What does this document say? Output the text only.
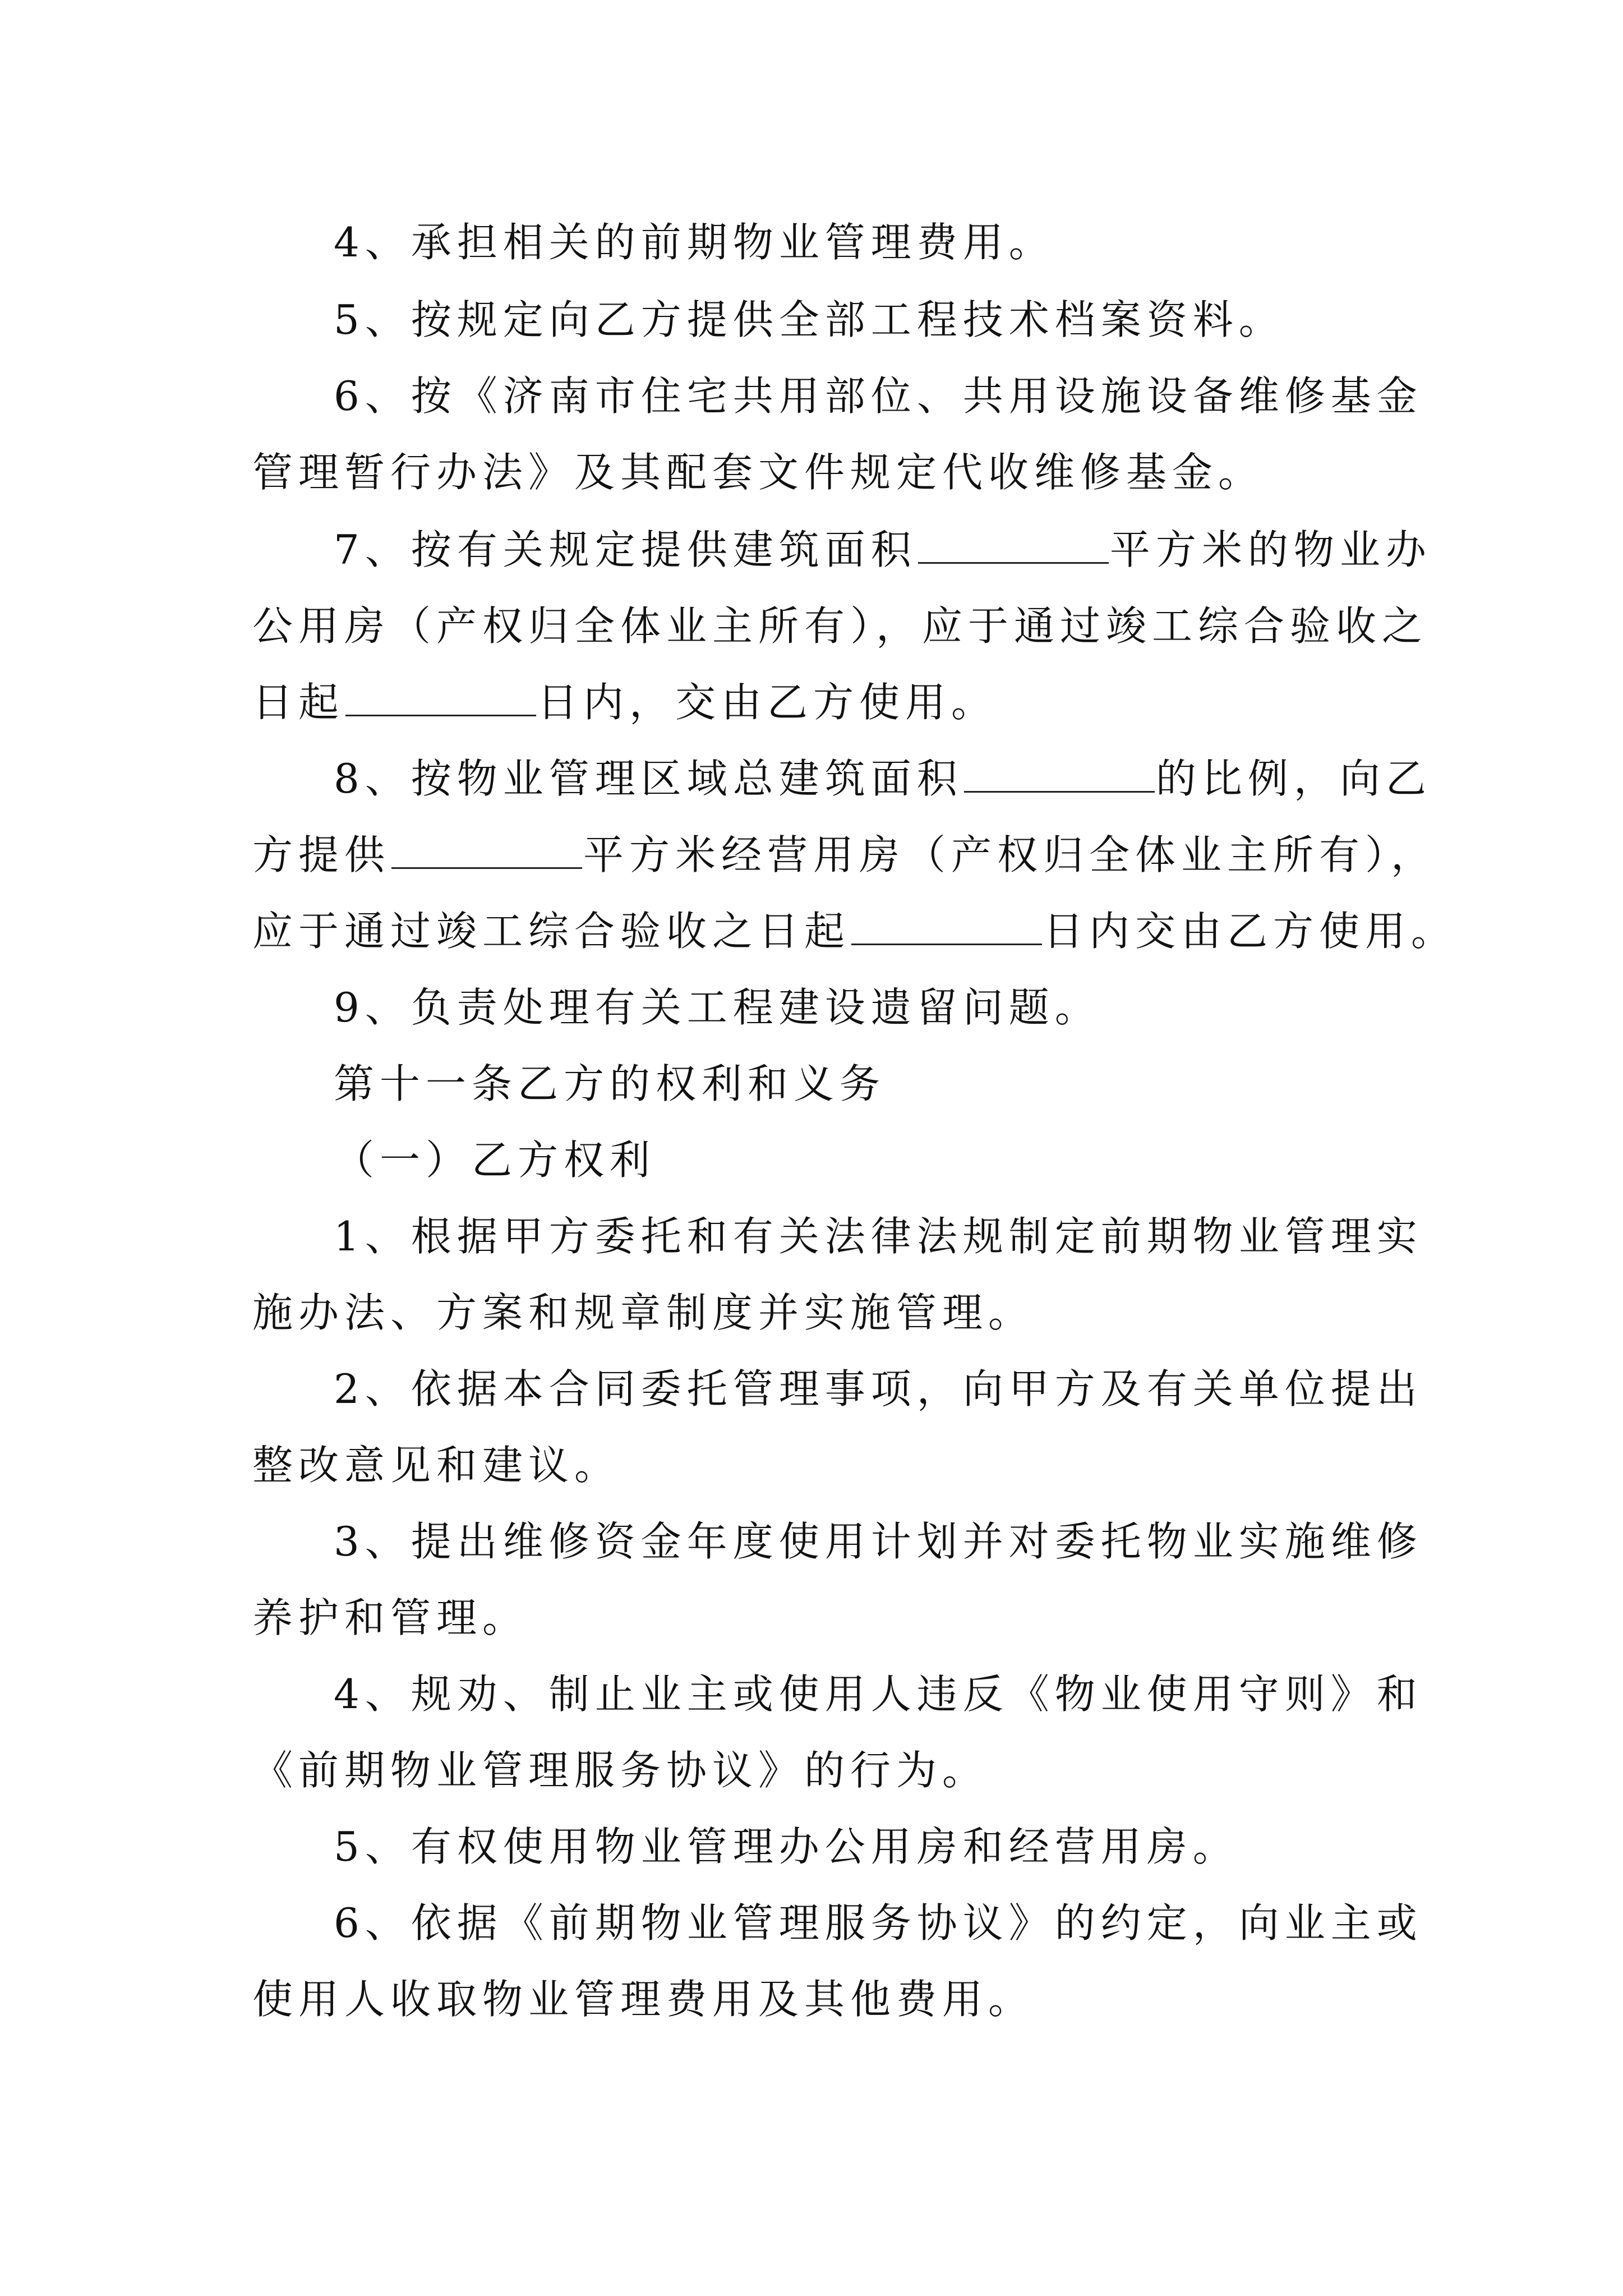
4、承担相关的前期物业管理费用。
5、按规定向乙方提供全部工程技术档案资料。
6、按《济南市住宅共用部位、共用设施设备维修基金
管理暂行办法》及其配套文件规定代收维修基金。
7、按有关规定提供建筑面积	平方米的物业办
公用房（产权归全体业主所有），应于通过竣工综合验收之
日起	日内，交由乙方使用。
8、按物业管理区域总建筑面积	的比例，向乙
方提供	平方米经营用房（产权归全体业主所有），
应于通过竣工综合验收之日起	日内交由乙方使用。
9、负责处理有关工程建设遗留问题。
第十一条乙方的权利和义务
（一）乙方权利
1、根据甲方委托和有关法律法规制定前期物业管理实
施办法、方案和规章制度并实施管理。
2、依据本合同委托管理事项，向甲方及有关单位提出
整改意见和建议。
3、提出维修资金年度使用计划并对委托物业实施维修
养护和管理。
4、规劝、制止业主或使用人违反《物业使用守则》和
《前期物业管理服务协议》的行为。
5、有权使用物业管理办公用房和经营用房。
6、依据《前期物业管理服务协议》的约定，向业主或
使用人收取物业管理费用及其他费用。
